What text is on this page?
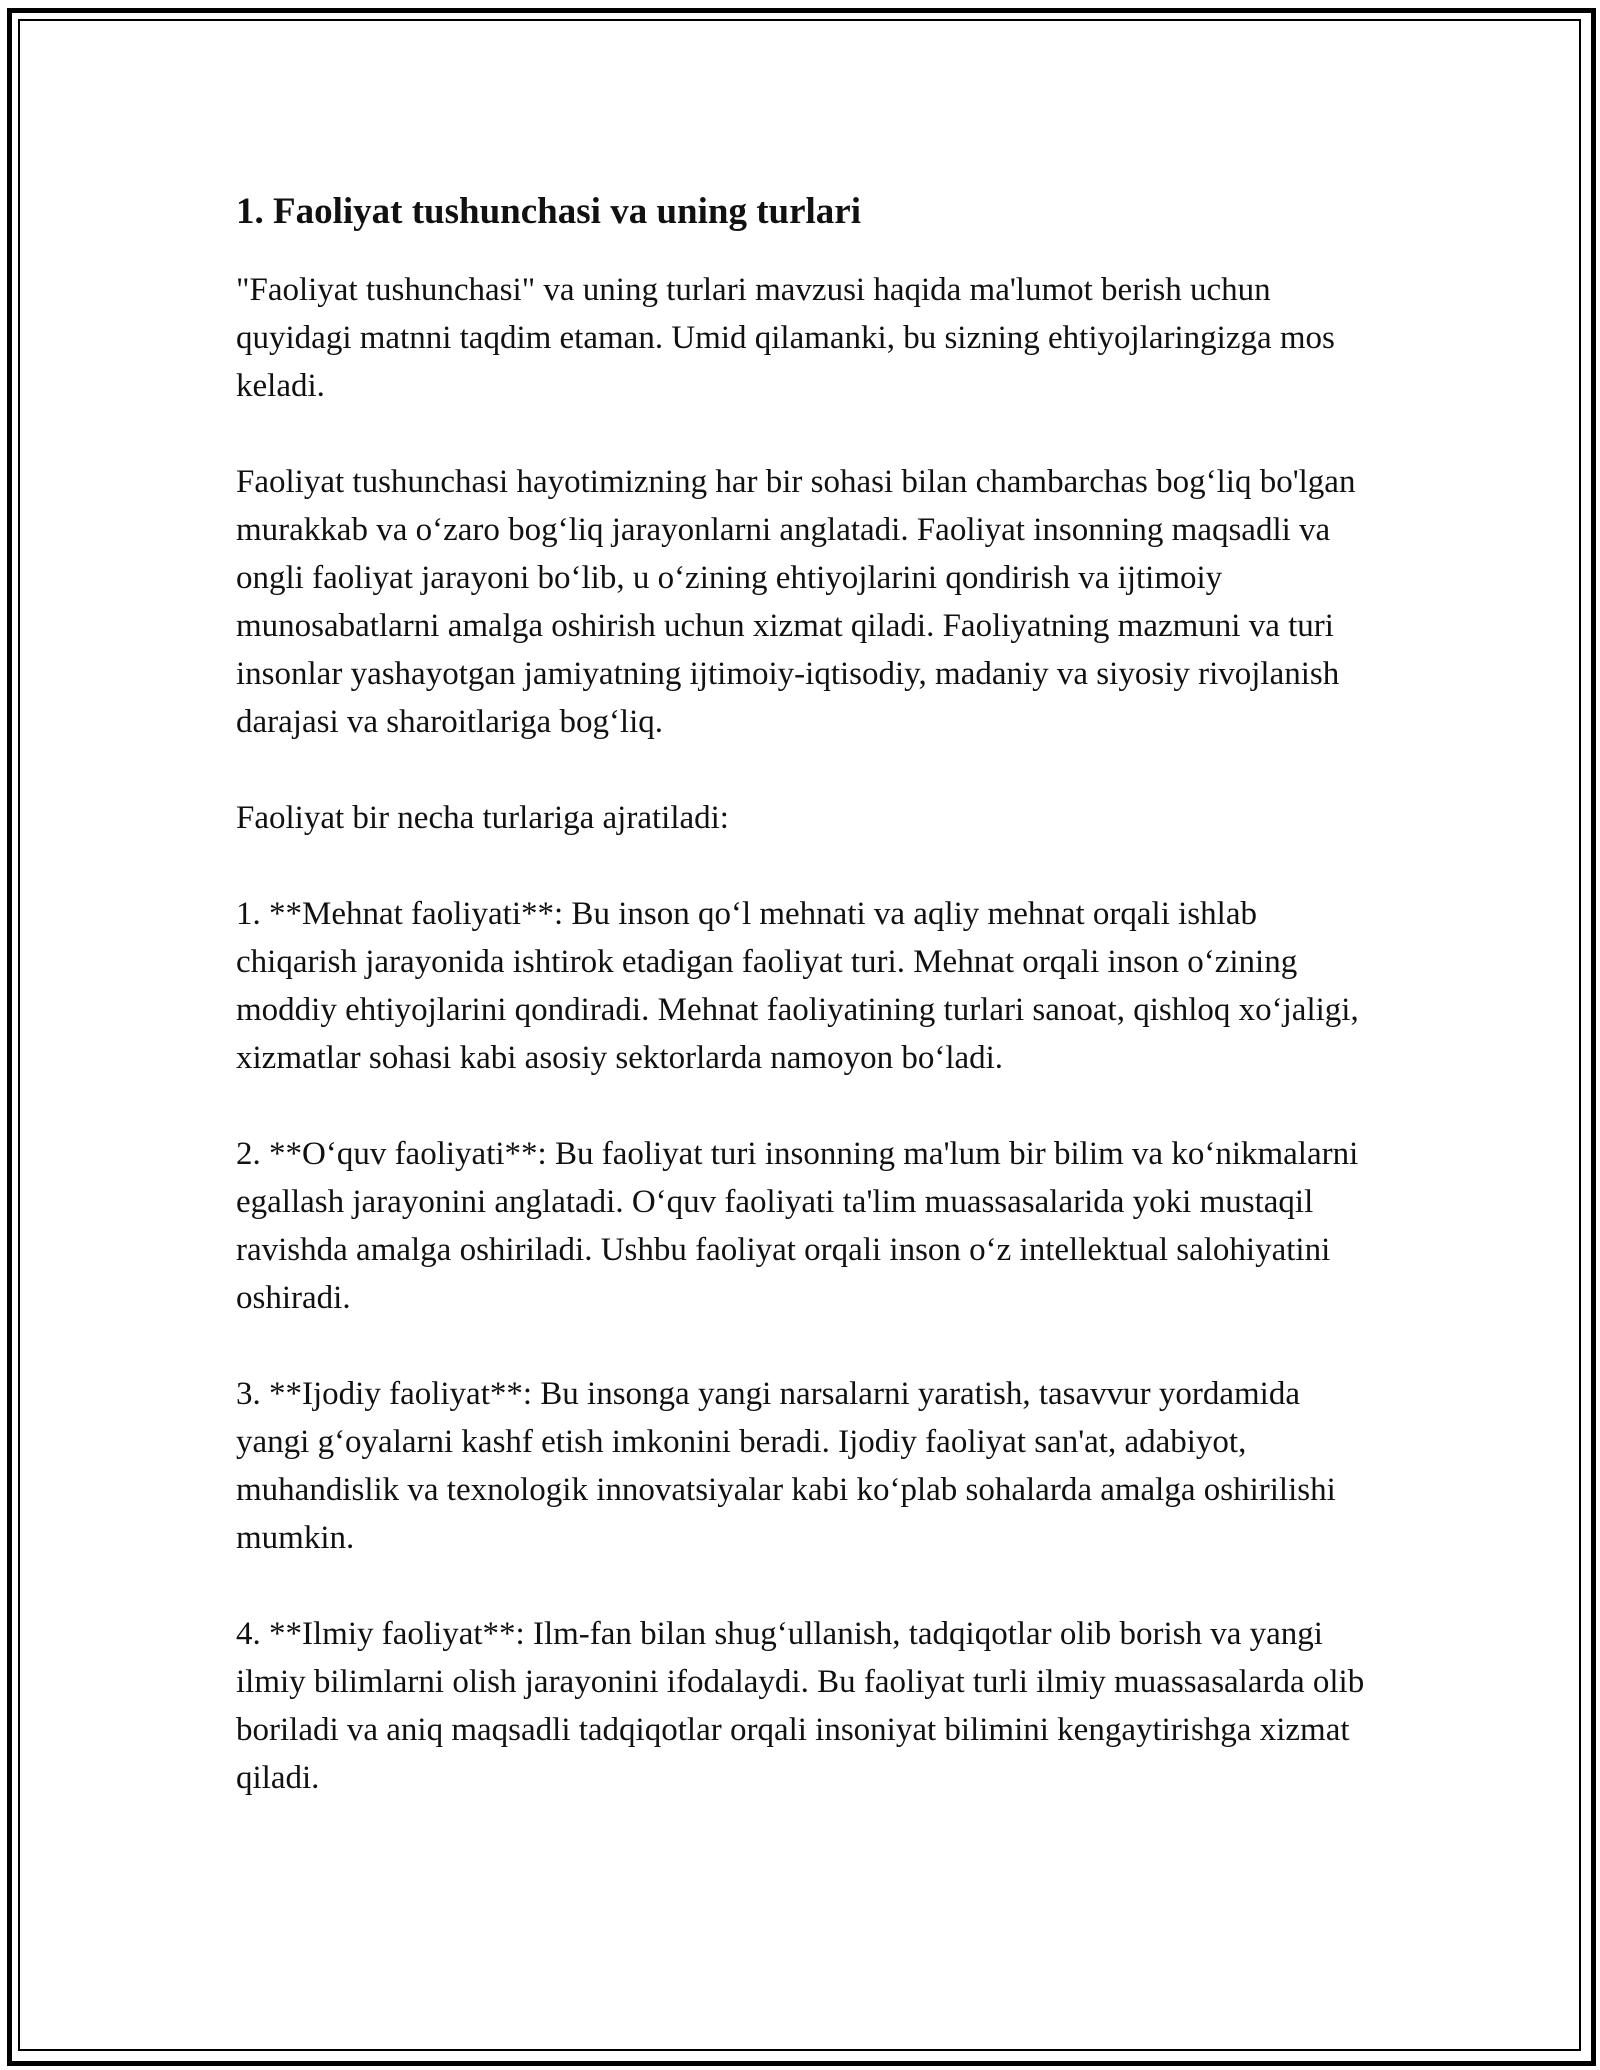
1. Faoliyat tushunchasi va uning turlari

"Faoliyat tushunchasi" va uning turlari mavzusi haqida ma'lumot berish uchun quyidagi matnni taqdim etaman. Umid qilamanki, bu sizning ehtiyojlaringizga mos keladi.

Faoliyat tushunchasi hayotimizning har bir sohasi bilan chambarchas bog‘liq bo'lgan murakkab va o‘zaro bog‘liq jarayonlarni anglatadi. Faoliyat insonning maqsadli va ongli faoliyat jarayoni bo‘lib, u o‘zining ehtiyojlarini qondirish va ijtimoiy munosabatlarni amalga oshirish uchun xizmat qiladi. Faoliyatning mazmuni va turi insonlar yashayotgan jamiyatning ijtimoiy-iqtisodiy, madaniy va siyosiy rivojlanish darajasi va sharoitlariga bog‘liq.

Faoliyat bir necha turlariga ajratiladi:

1. **Mehnat faoliyati**: Bu inson qo‘l mehnati va aqliy mehnat orqali ishlab chiqarish jarayonida ishtirok etadigan faoliyat turi. Mehnat orqali inson o‘zining moddiy ehtiyojlarini qondiradi. Mehnat faoliyatining turlari sanoat, qishloq xo‘jaligi, xizmatlar sohasi kabi asosiy sektorlarda namoyon bo‘ladi.

2. **O‘quv faoliyati**: Bu faoliyat turi insonning ma'lum bir bilim va ko‘nikmalarni egallash jarayonini anglatadi. O‘quv faoliyati ta'lim muassasalarida yoki mustaqil ravishda amalga oshiriladi. Ushbu faoliyat orqali inson o‘z intellektual salohiyatini oshiradi.

3. **Ijodiy faoliyat**: Bu insonga yangi narsalarni yaratish, tasavvur yordamida yangi g‘oyalarni kashf etish imkonini beradi. Ijodiy faoliyat san'at, adabiyot, muhandislik va texnologik innovatsiyalar kabi ko‘plab sohalarda amalga oshirilishi mumkin.

4. **Ilmiy faoliyat**: Ilm-fan bilan shug‘ullanish, tadqiqotlar olib borish va yangi ilmiy bilimlarni olish jarayonini ifodalaydi. Bu faoliyat turli ilmiy muassasalarda olib boriladi va aniq maqsadli tadqiqotlar orqali insoniyat bilimini kengaytirishga xizmat qiladi.
